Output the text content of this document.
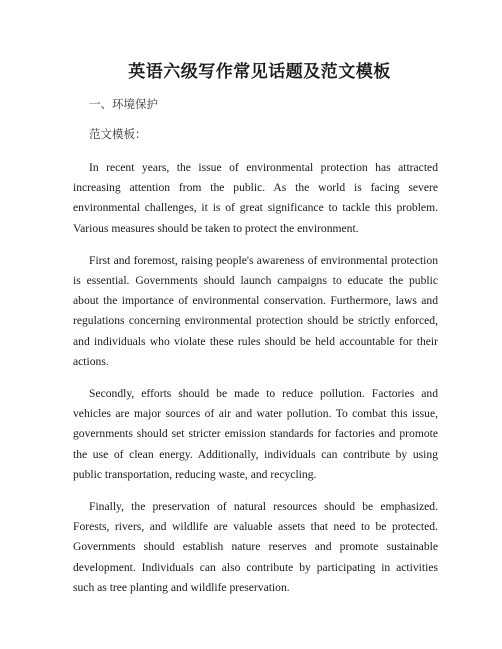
英语六级写作常见话题及范文模板
一、环境保护
范文模板：

In recent years, the issue of environmental protection has attracted increasing attention from the public. As the world is facing severe environmental challenges, it is of great significance to tackle this problem. Various measures should be taken to protect the environment.

First and foremost, raising people's awareness of environmental protection is essential. Governments should launch campaigns to educate the public about the importance of environmental conservation. Furthermore, laws and regulations concerning environmental protection should be strictly enforced, and individuals who violate these rules should be held accountable for their actions.

Secondly, efforts should be made to reduce pollution. Factories and vehicles are major sources of air and water pollution. To combat this issue, governments should set stricter emission standards for factories and promote the use of clean energy. Additionally, individuals can contribute by using public transportation, reducing waste, and recycling.

Finally, the preservation of natural resources should be emphasized. Forests, rivers, and wildlife are valuable assets that need to be protected. Governments should establish nature reserves and promote sustainable development. Individuals can also contribute by participating in activities such as tree planting and wildlife preservation.
